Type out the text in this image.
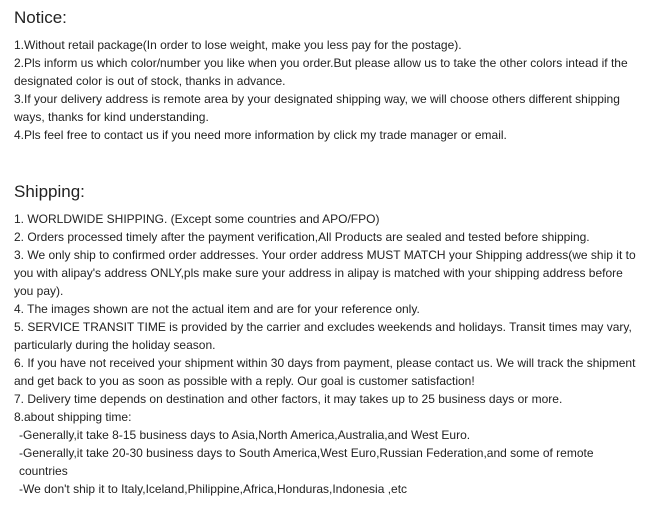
Notice:

1.Without retail package(In order to lose weight, make you less pay for the postage).

2.Pls inform us which color/number you like when you order.But please allow us to take the other colors intead if the designated color is out of stock, thanks in advance.

3.If your delivery address is remote area by your designated shipping way, we will choose others different shipping ways, thanks for kind understanding.

4.Pls feel free to contact us if you need more information by click my trade manager or email.

Shipping:

1. WORLDWIDE SHIPPING. (Except some countries and APO/FPO)

2. Orders processed timely after the payment verification,All Products are sealed and tested before shipping.

3. We only ship to confirmed order addresses. Your order address MUST MATCH your Shipping address(we ship it to you with alipay's address ONLY,pls make sure your address in alipay is matched with your shipping address before you pay).

4. The images shown are not the actual item and are for your reference only.

5. SERVICE TRANSIT TIME is provided by the carrier and excludes weekends and holidays. Transit times may vary, particularly during the holiday season.

6. If you have not received your shipment within 30 days from payment, please contact us. We will track the shipment and get back to you as soon as possible with a reply. Our goal is customer satisfaction!

7. Delivery time depends on destination and other factors, it may takes up to 25 business days or more.

8.about shipping time:

-Generally,it take 8-15 business days to Asia,North America,Australia,and West Euro.

-Generally,it take 20-30 business days to South America,West Euro,Russian Federation,and some of remote countries

-We don't ship it to Italy,Iceland,Philippine,Africa,Honduras,Indonesia ,etc
